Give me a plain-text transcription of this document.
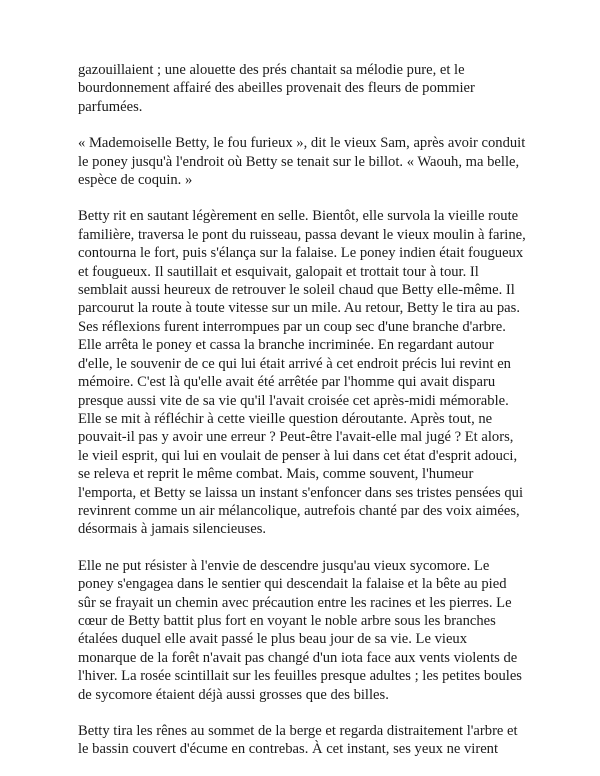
gazouillaient ; une alouette des prés chantait sa mélodie pure, et le bourdonnement affairé des abeilles provenait des fleurs de pommier parfumées.

« Mademoiselle Betty, le fou furieux », dit le vieux Sam, après avoir conduit le poney jusqu'à l'endroit où Betty se tenait sur le billot. « Waouh, ma belle, espèce de coquin. »

Betty rit en sautant légèrement en selle. Bientôt, elle survola la vieille route familière, traversa le pont du ruisseau, passa devant le vieux moulin à farine, contourna le fort, puis s'élança sur la falaise. Le poney indien était fougueux et fougueux. Il sautillait et esquivait, galopait et trottait tour à tour. Il semblait aussi heureux de retrouver le soleil chaud que Betty elle-même. Il parcourut la route à toute vitesse sur un mile. Au retour, Betty le tira au pas. Ses réflexions furent interrompues par un coup sec d'une branche d'arbre. Elle arrêta le poney et cassa la branche incriminée. En regardant autour d'elle, le souvenir de ce qui lui était arrivé à cet endroit précis lui revint en mémoire. C'est là qu'elle avait été arrêtée par l'homme qui avait disparu presque aussi vite de sa vie qu'il l'avait croisée cet après-midi mémorable. Elle se mit à réfléchir à cette vieille question déroutante. Après tout, ne pouvait-il pas y avoir une erreur ? Peut-être l'avait-elle mal jugé ? Et alors, le vieil esprit, qui lui en voulait de penser à lui dans cet état d'esprit adouci, se releva et reprit le même combat. Mais, comme souvent, l'humeur l'emporta, et Betty se laissa un instant s'enfoncer dans ses tristes pensées qui revinrent comme un air mélancolique, autrefois chanté par des voix aimées, désormais à jamais silencieuses.

Elle ne put résister à l'envie de descendre jusqu'au vieux sycomore. Le poney s'engagea dans le sentier qui descendait la falaise et la bête au pied sûr se frayait un chemin avec précaution entre les racines et les pierres. Le cœur de Betty battit plus fort en voyant le noble arbre sous les branches étalées duquel elle avait passé le plus beau jour de sa vie. Le vieux monarque de la forêt n'avait pas changé d'un iota face aux vents violents de l'hiver. La rosée scintillait sur les feuilles presque adultes ; les petites boules de sycomore étaient déjà aussi grosses que des billes.

Betty tira les rênes au sommet de la berge et regarda distraitement l'arbre et le bassin couvert d'écume en contrebas. À cet instant, ses yeux ne virent
